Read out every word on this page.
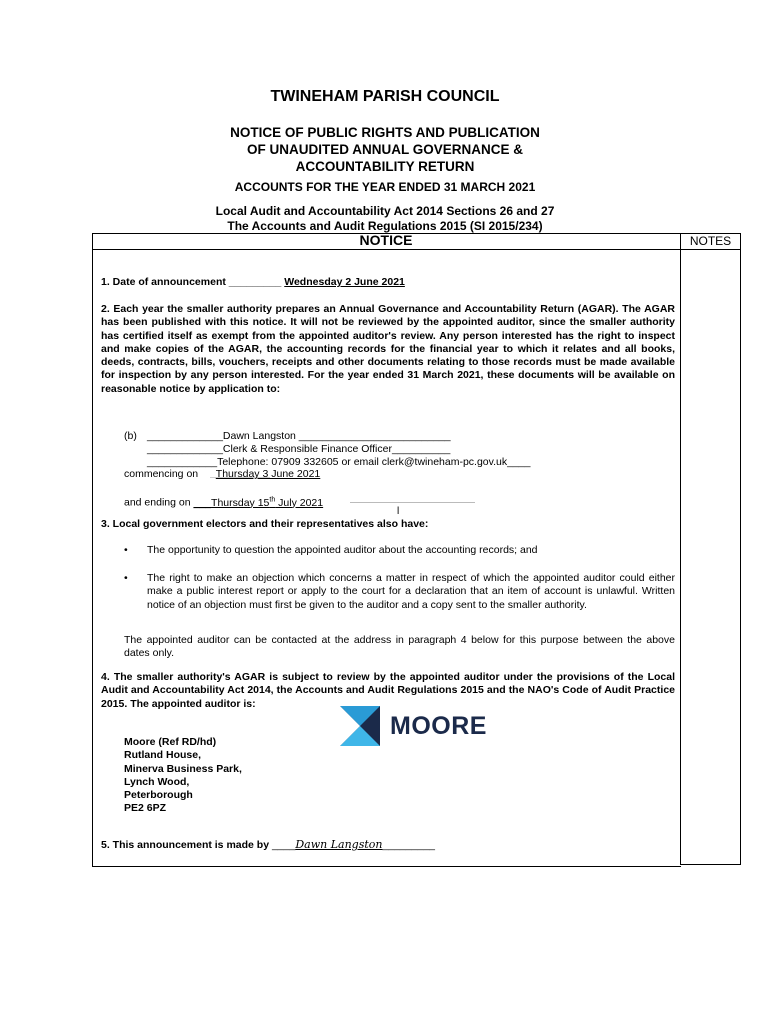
TWINEHAM PARISH COUNCIL
NOTICE OF PUBLIC RIGHTS AND PUBLICATION
OF UNAUDITED ANNUAL GOVERNANCE &
ACCOUNTABILITY RETURN
ACCOUNTS FOR THE YEAR ENDED 31 MARCH 2021
Local Audit and Accountability Act 2014 Sections 26 and 27
The Accounts and Audit Regulations 2015 (SI 2015/234)
NOTES
NOTICE
1. Date of announcement _________ Wednesday 2 June 2021
2. Each year the smaller authority prepares an Annual Governance and Accountability Return (AGAR). The AGAR has been published with this notice. It will not be reviewed by the appointed auditor, since the smaller authority has certified itself as exempt from the appointed auditor's review. Any person interested has the right to inspect and make copies of the AGAR, the accounting records for the financial year to which it relates and all books, deeds, contracts, bills, vouchers, receipts and other documents relating to those records must be made available for inspection by any person interested. For the year ended 31 March 2021, these documents will be available on reasonable notice by application to:
(b) _____________Dawn Langston __________________________
_____________Clerk & Responsible Finance Officer__________
____________Telephone: 07909 332605 or email clerk@twineham-pc.gov.uk____
commencing on Thursday 3 June 2021
and ending on ___Thursday 15th July 2021
l
3. Local government electors and their representatives also have:
• The opportunity to question the appointed auditor about the accounting records; and
• The right to make an objection which concerns a matter in respect of which the appointed auditor could either make a public interest report or apply to the court for a declaration that an item of account is unlawful. Written notice of an objection must first be given to the auditor and a copy sent to the smaller authority.
The appointed auditor can be contacted at the address in paragraph 4 below for this purpose between the above dates only.
4. The smaller authority's AGAR is subject to review by the appointed auditor under the provisions of the Local Audit and Accountability Act 2014, the Accounts and Audit Regulations 2015 and the NAO's Code of Audit Practice 2015. The appointed auditor is:
MOORE
Moore (Ref RD/hd)
Rutland House,
Minerva Business Park,
Lynch Wood,
Peterborough
PE2 6PZ
5. This announcement is made by ____Dawn Langston_________
